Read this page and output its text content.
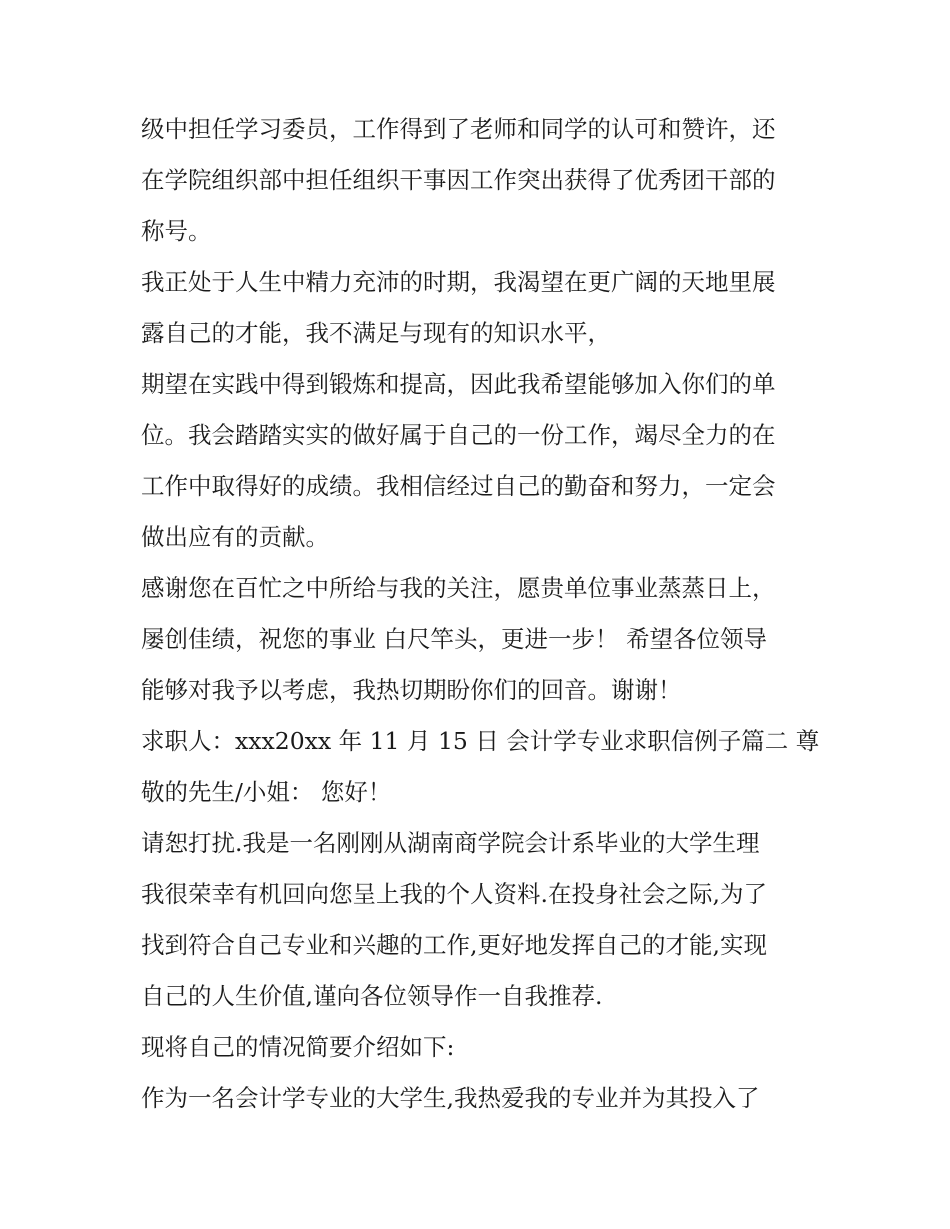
级中担任学习委员，工作得到了老师和同学的认可和赞许，还
在学院组织部中担任组织干事因工作突出获得了优秀团干部的
称号。
我正处于人生中精力充沛的时期，我渴望在更广阔的天地里展
露自己的才能，我不满足与现有的知识水平，
期望在实践中得到锻炼和提高，因此我希望能够加入你们的单
位。我会踏踏实实的做好属于自己的一份工作，竭尽全力的在
工作中取得好的成绩。我相信经过自己的勤奋和努力，一定会
做出应有的贡献。
感谢您在百忙之中所给与我的关注，愿贵单位事业蒸蒸日上，
屡创佳绩，祝您的事业 白尺竿头，更进一步！ 希望各位领导
能够对我予以考虑，我热切期盼你们的回音。谢谢！
求职人：xxx20xx 年 11 月 15 日 会计学专业求职信例子篇二 尊
敬的先生/小姐： 您好！
请恕打扰.我是一名刚刚从湖南商学院会计系毕业的大学生理
我很荣幸有机回向您呈上我的个人资料.在投身社会之际,为了
找到符合自己专业和兴趣的工作,更好地发挥自己的才能,实现
自己的人生价值,谨向各位领导作一自我推荐.
现将自己的情况简要介绍如下:
作为一名会计学专业的大学生,我热爱我的专业并为其投入了
